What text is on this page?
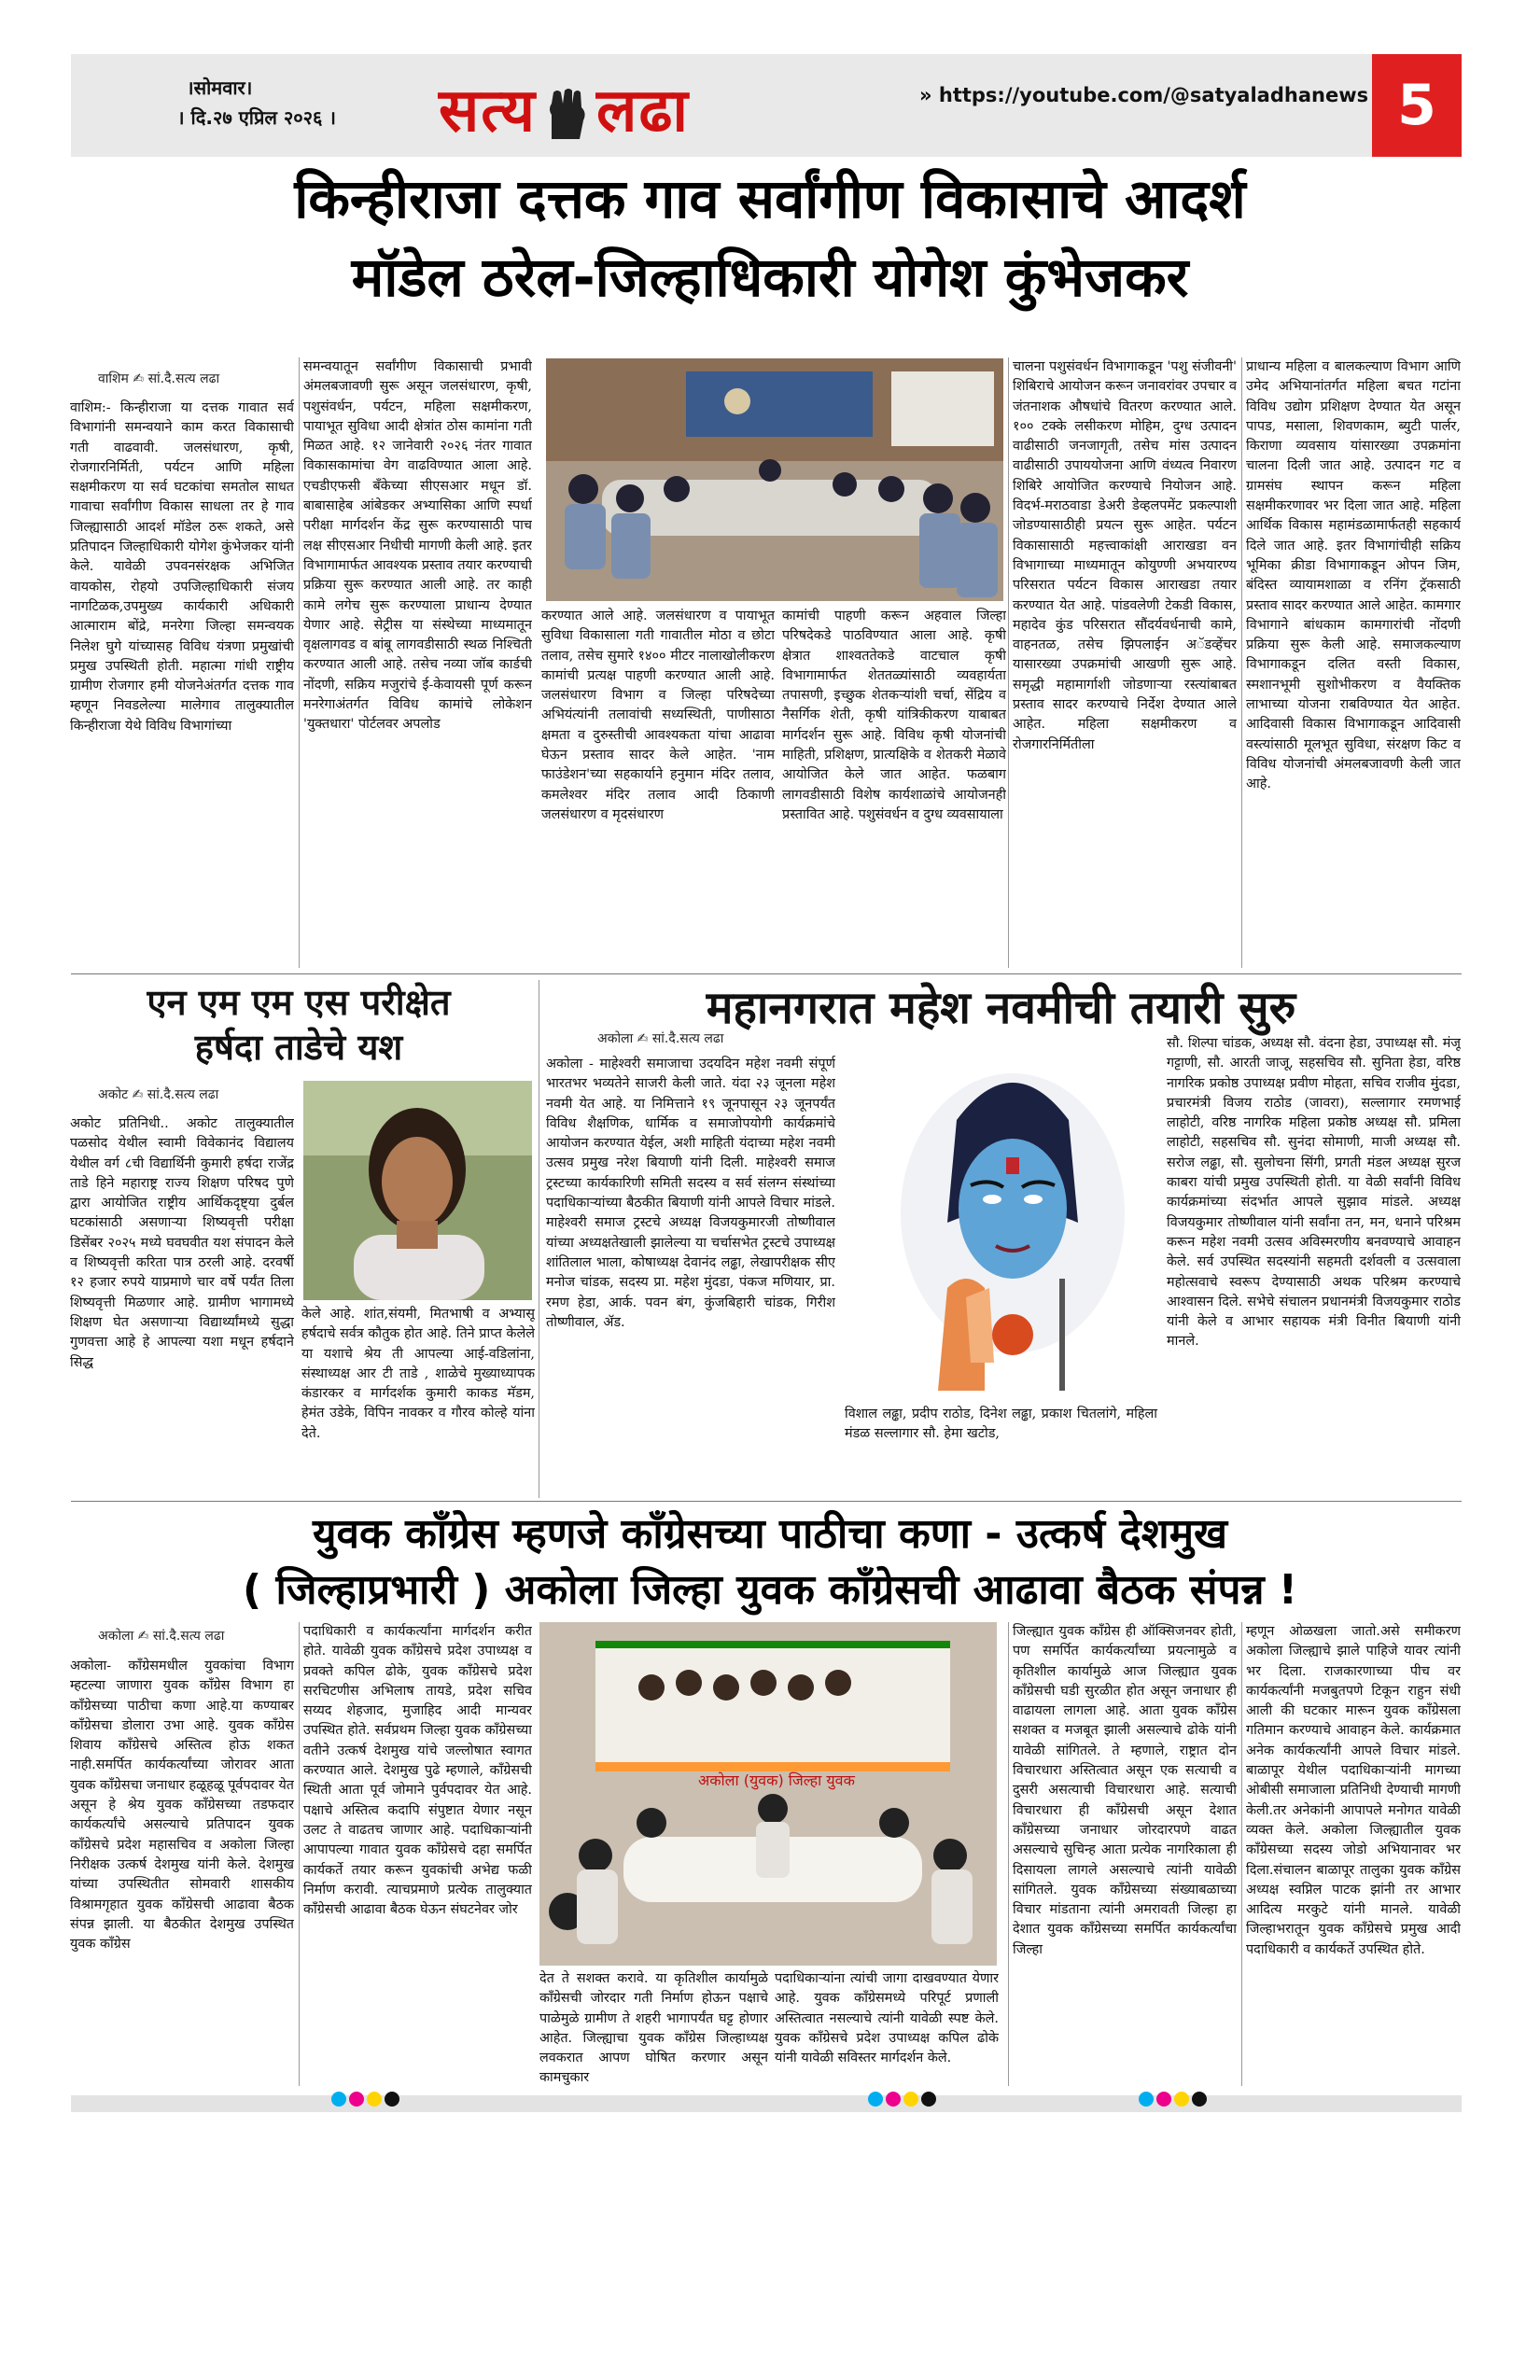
।सोमवार।
। दि.२७ एप्रिल २०२६ । सत्य लढा	» https://youtube.com/@satyaladhanews 5
किन्हीराजा दत्तक गाव सर्वांगीण विकासाचे आदर्श
मॉडेल ठरेल-जिल्हाधिकारी योगेश कुंभेजकर
वाशिम ✍ सां.दै.सत्य लढा
वाशिम:- किन्हीराजा या दत्तक गावात सर्व विभागांनी समन्वयाने काम करत विकासाची गती वाढवावी. जलसंधारण, कृषी, रोजगारनिर्मिती, पर्यटन आणि महिला सक्षमीकरण या सर्व घटकांचा समतोल साधत गावाचा सर्वांगीण विकास साधला तर हे गाव जिल्ह्यासाठी आदर्श मॉडेल ठरू शकते, असे प्रतिपादन जिल्हाधिकारी योगेश कुंभेजकर यांनी केले. यावेळी उपवनसंरक्षक अभिजित वायकोस, रोहयो उपजिल्हाधिकारी संजय नागटिळक,उपमुख्य कार्यकारी अधिकारी आत्माराम बोंद्रे, मनरेगा जिल्हा समन्वयक निलेश घुगे यांच्यासह विविध यंत्रणा प्रमुखांची प्रमुख उपस्थिती होती. महात्मा गांधी राष्ट्रीय ग्रामीण रोजगार हमी योजनेअंतर्गत दत्तक गाव म्हणून निवडलेल्या मालेगाव तालुक्यातील किन्हीराजा येथे विविध विभागांच्या
समन्वयातून सर्वांगीण विकासाची प्रभावी अंमलबजावणी सुरू असून जलसंधारण, कृषी, पशुसंवर्धन, पर्यटन, महिला सक्षमीकरण, पायाभूत सुविधा आदी क्षेत्रांत ठोस कामांना गती मिळत आहे. १२ जानेवारी २०२६ नंतर गावात विकासकामांचा वेग वाढविण्यात आला आहे. एचडीएफसी बँकेच्या सीएसआर मधून डॉ. बाबासाहेब आंबेडकर अभ्यासिका आणि स्पर्धा परीक्षा मार्गदर्शन केंद्र सुरू करण्यासाठी पाच लक्ष सीएसआर निधीची मागणी केली आहे. इतर विभागामार्फत आवश्यक प्रस्ताव तयार करण्याची प्रक्रिया सुरू करण्यात आली आहे. तर काही कामे लगेच सुरू करण्याला प्राधान्य देण्यात येणार आहे. सेट्रीस या संस्थेच्या माध्यमातून वृक्षलागवड व बांबू लागवडीसाठी स्थळ निश्चिती करण्यात आली आहे. तसेच नव्या जॉब कार्डची नोंदणी, सक्रिय मजुरांचे ई-केवायसी पूर्ण करून मनरेगाअंतर्गत विविध कामांचे लोकेशन 'युक्तधारा' पोर्टलवर अपलोड
करण्यात आले आहे. जलसंधारण व पायाभूत सुविधा विकासाला गती गावातील मोठा व छोटा तलाव, तसेच सुमारे १४०० मीटर नालाखोलीकरण कामांची प्रत्यक्ष पाहणी करण्यात आली आहे. जलसंधारण विभाग व जिल्हा परिषदेच्या अभियंत्यांनी तलावांची सध्यस्थिती, पाणीसाठा क्षमता व दुरुस्तीची आवश्यकता यांचा आढावा घेऊन प्रस्ताव सादर केले आहेत. 'नाम फाउंडेशन'च्या सहकार्याने हनुमान मंदिर तलाव, कमलेश्वर मंदिर तलाव आदी ठिकाणी जलसंधारण व मृदसंधारण
कामांची पाहणी करून अहवाल जिल्हा परिषदेकडे पाठविण्यात आला आहे. कृषी क्षेत्रात शाश्वततेकडे वाटचाल कृषी विभागामार्फत शेततळ्यांसाठी व्यवहार्यता तपासणी, इच्छुक शेतकऱ्यांशी चर्चा, सेंद्रिय व नैसर्गिक शेती, कृषी यांत्रिकीकरण याबाबत मार्गदर्शन सुरू आहे. विविध कृषी योजनांची माहिती, प्रशिक्षण, प्रात्यक्षिके व शेतकरी मेळावे आयोजित केले जात आहेत. फळबाग लागवडीसाठी विशेष कार्यशाळांचे आयोजनही प्रस्तावित आहे. पशुसंवर्धन व दुग्ध व्यवसायाला
चालना पशुसंवर्धन विभागाकडून 'पशु संजीवनी' शिबिराचे आयोजन करून जनावरांवर उपचार व जंतनाशक औषधांचे वितरण करण्यात आले. १०० टक्के लसीकरण मोहिम, दुग्ध उत्पादन वाढीसाठी जनजागृती, तसेच मांस उत्पादन वाढीसाठी उपाययोजना आणि वंध्यत्व निवारण शिबिरे आयोजित करण्याचे नियोजन आहे. विदर्भ-मराठवाडा डेअरी डेव्हलपमेंट प्रकल्पाशी जोडण्यासाठीही प्रयत्न सुरू आहेत. पर्यटन विकासासाठी महत्त्वाकांक्षी आराखडा वन विभागाच्या माध्यमातून कोयुण्णी अभयारण्य परिसरात पर्यटन विकास आराखडा तयार करण्यात येत आहे. पांडवलेणी टेकडी विकास, महादेव कुंड परिसरात सौंदर्यवर्धनाची कामे, वाहनतळ, तसेच झिपलाईन अॅडव्हेंचर यासारख्या उपक्रमांची आखणी सुरू आहे. समृद्धी महामार्गाशी जोडणाऱ्या रस्त्यांबाबत प्रस्ताव सादर करण्याचे निर्देश देण्यात आले आहेत. महिला सक्षमीकरण व रोजगारनिर्मितीला
प्राधान्य महिला व बालकल्याण विभाग आणि उमेद अभियानांतर्गत महिला बचत गटांना विविध उद्योग प्रशिक्षण देण्यात येत असून पापड, मसाला, शिवणकाम, ब्युटी पार्लर, किराणा व्यवसाय यांसारख्या उपक्रमांना चालना दिली जात आहे. उत्पादन गट व ग्रामसंघ स्थापन करून महिला सक्षमीकरणावर भर दिला जात आहे. महिला आर्थिक विकास महामंडळामार्फतही सहकार्य दिले जात आहे. इतर विभागांचीही सक्रिय भूमिका क्रीडा विभागाकडून ओपन जिम, बंदिस्त व्यायामशाळा व रनिंग ट्रॅकसाठी प्रस्ताव सादर करण्यात आले आहेत. कामगार विभागाने बांधकाम कामगारांची नोंदणी प्रक्रिया सुरू केली आहे. समाजकल्याण विभागाकडून दलित वस्ती विकास, स्मशानभूमी सुशोभीकरण व वैयक्तिक लाभाच्या योजना राबविण्यात येत आहेत. आदिवासी विकास विभागाकडून आदिवासी वस्त्यांसाठी मूलभूत सुविधा, संरक्षण किट व विविध योजनांची अंमलबजावणी केली जात आहे.
एन एम एम एस परीक्षेत
हर्षदा ताडेचे यश
अकोट ✍ सां.दै.सत्य लढा
अकोट प्रतिनिधी.. अकोट तालुक्यातील पळसोद येथील स्वामी विवेकानंद विद्यालय येथील वर्ग ८ची विद्यार्थिनी कुमारी हर्षदा राजेंद्र ताडे हिने महाराष्ट्र राज्य शिक्षण परिषद पुणे द्वारा आयोजित राष्ट्रीय आर्थिकदृष्ट्या दुर्बल घटकांसाठी असणाऱ्या शिष्यवृत्ती परीक्षा डिसेंबर २०२५ मध्ये घवघवीत यश संपादन केले व शिष्यवृत्ती करिता पात्र ठरली आहे. दरवर्षी १२ हजार रुपये याप्रमाणे चार वर्षे पर्यंत तिला शिष्यवृत्ती मिळणार आहे. ग्रामीण भागामध्ये शिक्षण घेत असणाऱ्या विद्यार्थ्यांमध्ये सुद्धा गुणवत्ता आहे हे आपल्या यशा मधून हर्षदाने सिद्ध
केले आहे. शांत,संयमी, मितभाषी व अभ्यासू हर्षदाचे सर्वत्र कौतुक होत आहे. तिने प्राप्त केलेले या यशाचे श्रेय ती आपल्या आई-वडिलांना, संस्थाध्यक्ष आर टी ताडे , शाळेचे मुख्याध्यापक कंडारकर व मार्गदर्शक कुमारी काकड मॅडम, हेमंत उडेके, विपिन नावकर व गौरव कोल्हे यांना देते.
महानगरात महेश नवमीची तयारी सुरु
अकोला ✍ सां.दै.सत्य लढा
अकोला - माहेश्वरी समाजाचा उदयदिन महेश नवमी संपूर्ण भारतभर भव्यतेने साजरी केली जाते. यंदा २३ जूनला महेश नवमी येत आहे. या निमित्ताने १९ जूनपासून २३ जूनपर्यंत विविध शैक्षणिक, धार्मिक व समाजोपयोगी कार्यक्रमांचे आयोजन करण्यात येईल, अशी माहिती यंदाच्या महेश नवमी उत्सव प्रमुख नरेश बियाणी यांनी दिली. माहेश्वरी समाज ट्रस्टच्या कार्यकारिणी समिती सदस्य व सर्व संलग्न संस्थांच्या पदाधिकाऱ्यांच्या बैठकीत बियाणी यांनी आपले विचार मांडले. माहेश्वरी समाज ट्रस्टचे अध्यक्ष विजयकुमारजी तोष्णीवाल यांच्या अध्यक्षतेखाली झालेल्या या चर्चासभेत ट्रस्टचे उपाध्यक्ष शांतिलाल भाला, कोषाध्यक्ष देवानंद लढ्ढा, लेखापरीक्षक सीए मनोज चांडक, सदस्य प्रा. महेश मुंदडा, पंकज मणियार, प्रा. रमण हेडा, आर्क. पवन बंग, कुंजबिहारी चांडक, गिरीश तोष्णीवाल, ॲड.
विशाल लढ्ढा, प्रदीप राठोड, दिनेश लढ्ढा, प्रकाश चितलांगे, महिला मंडळ सल्लागार सौ. हेमा खटोड,
सौ. शिल्पा चांडक, अध्यक्ष सौ. वंदना हेडा, उपाध्यक्ष सौ. मंजू गट्टाणी, सौ. आरती जाजू, सहसचिव सौ. सुनिता हेडा, वरिष्ठ नागरिक प्रकोष्ठ उपाध्यक्ष प्रवीण मोहता, सचिव राजीव मुंदडा, प्रचारमंत्री विजय राठोड (जावरा), सल्लागार रमणभाई लाहोटी, वरिष्ठ नागरिक महिला प्रकोष्ठ अध्यक्ष सौ. प्रमिला लाहोटी, सहसचिव सौ. सुनंदा सोमाणी, माजी अध्यक्ष सौ. सरोज लढ्ढा, सौ. सुलोचना सिंगी, प्रगती मंडल अध्यक्ष सुरज काबरा यांची प्रमुख उपस्थिती होती. या वेळी सर्वांनी विविध कार्यक्रमांच्या संदर्भात आपले सुझाव मांडले. अध्यक्ष विजयकुमार तोष्णीवाल यांनी सर्वांना तन, मन, धनाने परिश्रम करून महेश नवमी उत्सव अविस्मरणीय बनवण्याचे आवाहन केले. सर्व उपस्थित सदस्यांनी सहमती दर्शवली व उत्सवाला महोत्सवाचे स्वरूप देण्यासाठी अथक परिश्रम करण्याचे आश्वासन दिले. सभेचे संचालन प्रधानमंत्री विजयकुमार राठोड यांनी केले व आभार सहायक मंत्री विनीत बियाणी यांनी मानले.
युवक कॉंग्रेस म्हणजे कॉंग्रेसच्या पाठीचा कणा - उत्कर्ष देशमुख
( जिल्हाप्रभारी ) अकोला जिल्हा युवक कॉंग्रेसची आढावा बैठक संपन्न !
अकोला ✍ सां.दै.सत्य लढा
अकोला- कॉंग्रेसमधील युवकांचा विभाग म्हटल्या जाणारा युवक कॉंग्रेस विभाग हा कॉंग्रेसच्या पाठीचा कणा आहे.या कण्याबर कॉंग्रेसचा डोलारा उभा आहे. युवक कॉंग्रेस शिवाय कॉंग्रेसचे अस्तित्व होऊ शकत नाही.समर्पित कार्यकर्त्यांच्या जोरावर आता युवक कॉंग्रेसचा जनाधार हळूहळू पूर्वपदावर येत असून हे श्रेय युवक कॉंग्रेसच्या तडफदार कार्यकर्त्यांचे असल्याचे प्रतिपादन युवक कॉंग्रेसचे प्रदेश महासचिव व अकोला जिल्हा निरीक्षक उत्कर्ष देशमुख यांनी केले. देशमुख यांच्या उपस्थितीत सोमवारी शासकीय विश्रामगृहात युवक कॉंग्रेसची आढावा बैठक संपन्न झाली. या बैठकीत देशमुख उपस्थित युवक कॉंग्रेस
पदाधिकारी व कार्यकर्त्यांना मार्गदर्शन करीत होते. यावेळी युवक कॉंग्रेसचे प्रदेश उपाध्यक्ष व प्रवक्ते कपिल ढोके, युवक कॉंग्रेसचे प्रदेश सरचिटणीस अभिलाष तायडे, प्रदेश सचिव सय्यद शेहजाद, मुजाहिद आदी मान्यवर उपस्थित होते. सर्वप्रथम जिल्हा युवक कॉंग्रेसच्या वतीने उत्कर्ष देशमुख यांचे जल्लोषात स्वागत करण्यात आले. देशमुख पुढे म्हणाले, कॉंग्रेसची स्थिती आता पूर्व जोमाने पुर्वपदावर येत आहे. पक्षाचे अस्तित्व कदापि संपुष्टात येणार नसून उलट ते वाढतच जाणार आहे. पदाधिकाऱ्यांनी आपापल्या गावात युवक कॉंग्रेसचे दहा समर्पित कार्यकर्ते तयार करून युवकांची अभेद्य फळी निर्माण करावी. त्याचप्रमाणे प्रत्येक तालुक्यात कॉंग्रेसची आढावा बैठक घेऊन संघटनेवर जोर
अकोला (युवक) जिल्हा युवक
देत ते सशक्त करावे. या कृतिशील कार्यामुळे कॉंग्रेसची जोरदार गती निर्माण होऊन पक्षाचे पाळेमुळे ग्रामीण ते शहरी भागापर्यंत घट्ट होणार आहेत. जिल्ह्याचा युवक कॉंग्रेस जिल्हाध्यक्ष लवकरात आपण घोषित करणार असून कामचुकार
पदाधिकाऱ्यांना त्यांची जागा दाखवण्यात येणार आहे. युवक कॉंग्रेसमध्ये परिपूर्ट प्रणाली अस्तित्वात नसल्याचे त्यांनी यावेळी स्पष्ट केले. युवक कॉंग्रेसचे प्रदेश उपाध्यक्ष कपिल ढोके यांनी यावेळी सविस्तर मार्गदर्शन केले.
जिल्ह्यात युवक कॉंग्रेस ही ऑक्सिजनवर होती, पण समर्पित कार्यकर्त्यांच्या प्रयत्नामुळे व कृतिशील कार्यामुळे आज जिल्ह्यात युवक कॉंग्रेसची घडी सुरळीत होत असून जनाधार ही वाढायला लागला आहे. आता युवक कॉंग्रेस सशक्त व मजबूत झाली असल्याचे ढोके यांनी यावेळी सांगितले. ते म्हणाले, राष्ट्रात दोन विचारधारा अस्तित्वात असून एक सत्याची व दुसरी असत्याची विचारधारा आहे. सत्याची विचारधारा ही कॉंग्रेसची असून देशात कॉंग्रेसच्या जनाधार जोरदारपणे वाढत असल्याचे सुचिन्ह आता प्रत्येक नागरिकाला ही दिसायला लागले असल्याचे त्यांनी यावेळी सांगितले. युवक कॉंग्रेसच्या संख्याबळाच्या विचार मांडताना त्यांनी अमरावती जिल्हा हा देशात युवक कॉंग्रेसच्या समर्पित कार्यकर्त्यांचा जिल्हा
म्हणून ओळखला जातो.असे समीकरण अकोला जिल्ह्याचे झाले पाहिजे यावर त्यांनी भर दिला. राजकारणाच्या पीच वर कार्यकर्त्यांनी मजबुतपणे टिकून राहुन संधी आली की घटकार मारून युवक कॉंग्रेसला गतिमान करण्याचे आवाहन केले. कार्यक्रमात अनेक कार्यकर्त्यांनी आपले विचार मांडले. बाळापूर येथील पदाधिकाऱ्यांनी मागच्या ओबीसी समाजाला प्रतिनिधी देण्याची मागणी केली.तर अनेकांनी आपापले मनोगत यावेळी व्यक्त केले. अकोला जिल्ह्यातील युवक कॉंग्रेसच्या सदस्य जोडो अभियानावर भर दिला.संचालन बाळापूर तालुका युवक कॉंग्रेस अध्यक्ष स्वप्निल पाटक झांनी तर आभार आदित्य मरकुटे यांनी मानले. यावेळी जिल्हाभरातून युवक कॉंग्रेसचे प्रमुख आदी पदाधिकारी व कार्यकर्ते उपस्थित होते.
